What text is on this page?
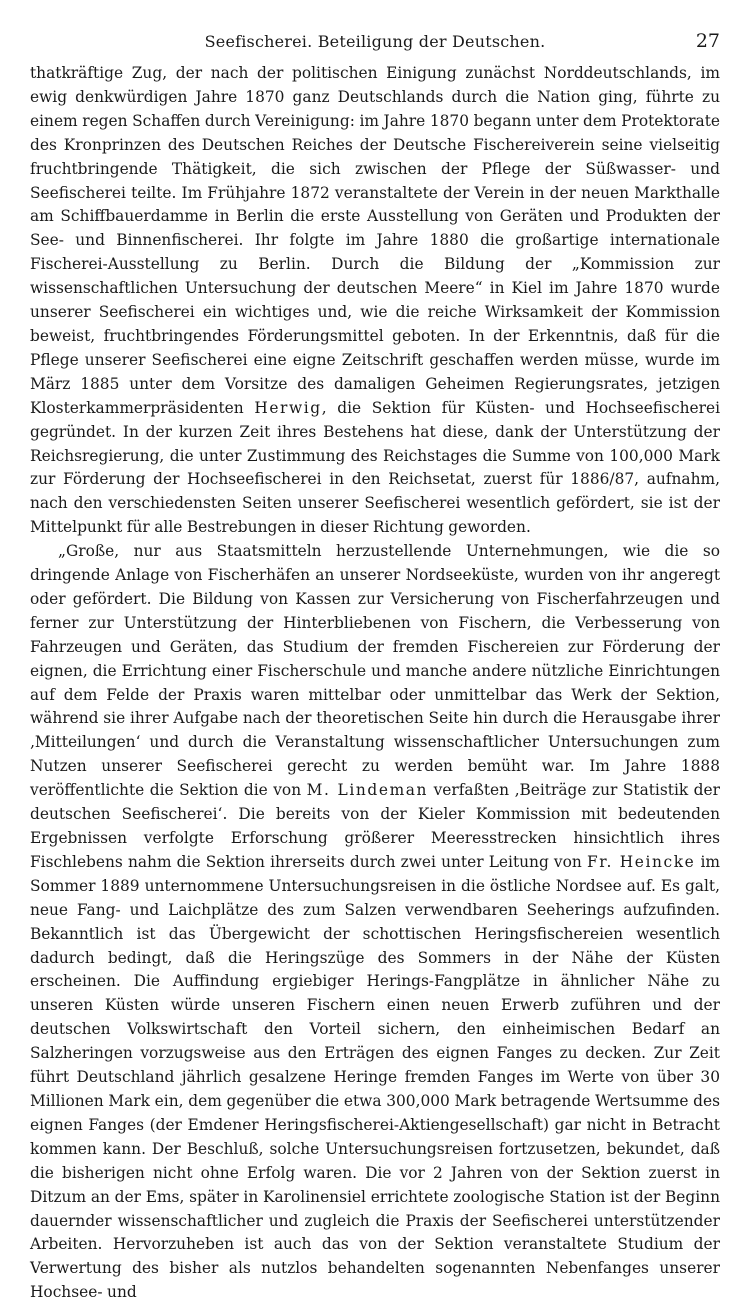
Seefischerei. Beteiligung der Deutschen.	27

thatkräftige Zug, der nach der politischen Einigung zunächst Norddeutschlands, im ewig denkwürdigen Jahre 1870 ganz Deutschlands durch die Nation ging, führte zu einem regen Schaffen durch Vereinigung: im Jahre 1870 begann unter dem Protektorate des Kronprinzen des Deutschen Reiches der Deutsche Fischereiverein seine vielseitig fruchtbringende Thätigkeit, die sich zwischen der Pflege der Süßwasser- und Seefischerei teilte. Im Frühjahre 1872 veranstaltete der Verein in der neuen Markthalle am Schiffbauerdamme in Berlin die erste Ausstellung von Geräten und Produkten der See- und Binnenfischerei. Ihr folgte im Jahre 1880 die großartige internationale Fischerei-Ausstellung zu Berlin. Durch die Bildung der „Kommission zur wissenschaftlichen Untersuchung der deutschen Meere“ in Kiel im Jahre 1870 wurde unserer Seefischerei ein wichtiges und, wie die reiche Wirksamkeit der Kommission beweist, fruchtbringendes Förderungsmittel geboten. In der Erkenntnis, daß für die Pflege unserer Seefischerei eine eigne Zeitschrift geschaffen werden müsse, wurde im März 1885 unter dem Vorsitze des damaligen Geheimen Regierungsrates, jetzigen Klosterkammerpräsidenten Herwig, die Sektion für Küsten- und Hochseefischerei gegründet. In der kurzen Zeit ihres Bestehens hat diese, dank der Unterstützung der Reichsregierung, die unter Zustimmung des Reichstages die Summe von 100,000 Mark zur Förderung der Hochseefischerei in den Reichsetat, zuerst für 1886/87, aufnahm, nach den verschiedensten Seiten unserer Seefischerei wesentlich gefördert, sie ist der Mittelpunkt für alle Bestrebungen in dieser Richtung geworden.

„Große, nur aus Staatsmitteln herzustellende Unternehmungen, wie die so dringende Anlage von Fischerhäfen an unserer Nordseeküste, wurden von ihr angeregt oder gefördert. Die Bildung von Kassen zur Versicherung von Fischerfahrzeugen und ferner zur Unterstützung der Hinterbliebenen von Fischern, die Verbesserung von Fahrzeugen und Geräten, das Studium der fremden Fischereien zur Förderung der eignen, die Errichtung einer Fischerschule und manche andere nützliche Einrichtungen auf dem Felde der Praxis waren mittelbar oder unmittelbar das Werk der Sektion, während sie ihrer Aufgabe nach der theoretischen Seite hin durch die Herausgabe ihrer ‚Mitteilungen‘ und durch die Veranstaltung wissenschaftlicher Untersuchungen zum Nutzen unserer Seefischerei gerecht zu werden bemüht war. Im Jahre 1888 veröffentlichte die Sektion die von M. Lindeman verfaßten ‚Beiträge zur Statistik der deutschen Seefischerei‘. Die bereits von der Kieler Kommission mit bedeutenden Ergebnissen verfolgte Erforschung größerer Meeresstrecken hinsichtlich ihres Fischlebens nahm die Sektion ihrerseits durch zwei unter Leitung von Fr. Heincke im Sommer 1889 unternommene Untersuchungsreisen in die östliche Nordsee auf. Es galt, neue Fang- und Laichplätze des zum Salzen verwendbaren Seeherings aufzufinden. Bekanntlich ist das Übergewicht der schottischen Heringsfischereien wesentlich dadurch bedingt, daß die Heringszüge des Sommers in der Nähe der Küsten erscheinen. Die Auffindung ergiebiger Herings-Fangplätze in ähnlicher Nähe zu unseren Küsten würde unseren Fischern einen neuen Erwerb zuführen und der deutschen Volkswirtschaft den Vorteil sichern, den einheimischen Bedarf an Salzheringen vorzugsweise aus den Erträgen des eignen Fanges zu decken. Zur Zeit führt Deutschland jährlich gesalzene Heringe fremden Fanges im Werte von über 30 Millionen Mark ein, dem gegenüber die etwa 300,000 Mark betragende Wertsumme des eignen Fanges (der Emdener Heringsfischerei-Aktiengesellschaft) gar nicht in Betracht kommen kann. Der Beschluß, solche Untersuchungsreisen fortzusetzen, bekundet, daß die bisherigen nicht ohne Erfolg waren. Die vor 2 Jahren von der Sektion zuerst in Ditzum an der Ems, später in Karolinensiel errichtete zoologische Station ist der Beginn dauernder wissenschaftlicher und zugleich die Praxis der Seefischerei unterstützender Arbeiten. Hervorzuheben ist auch das von der Sektion veranstaltete Studium der Verwertung des bisher als nutzlos behandelten sogenannten Nebenfanges unserer Hochsee- und
